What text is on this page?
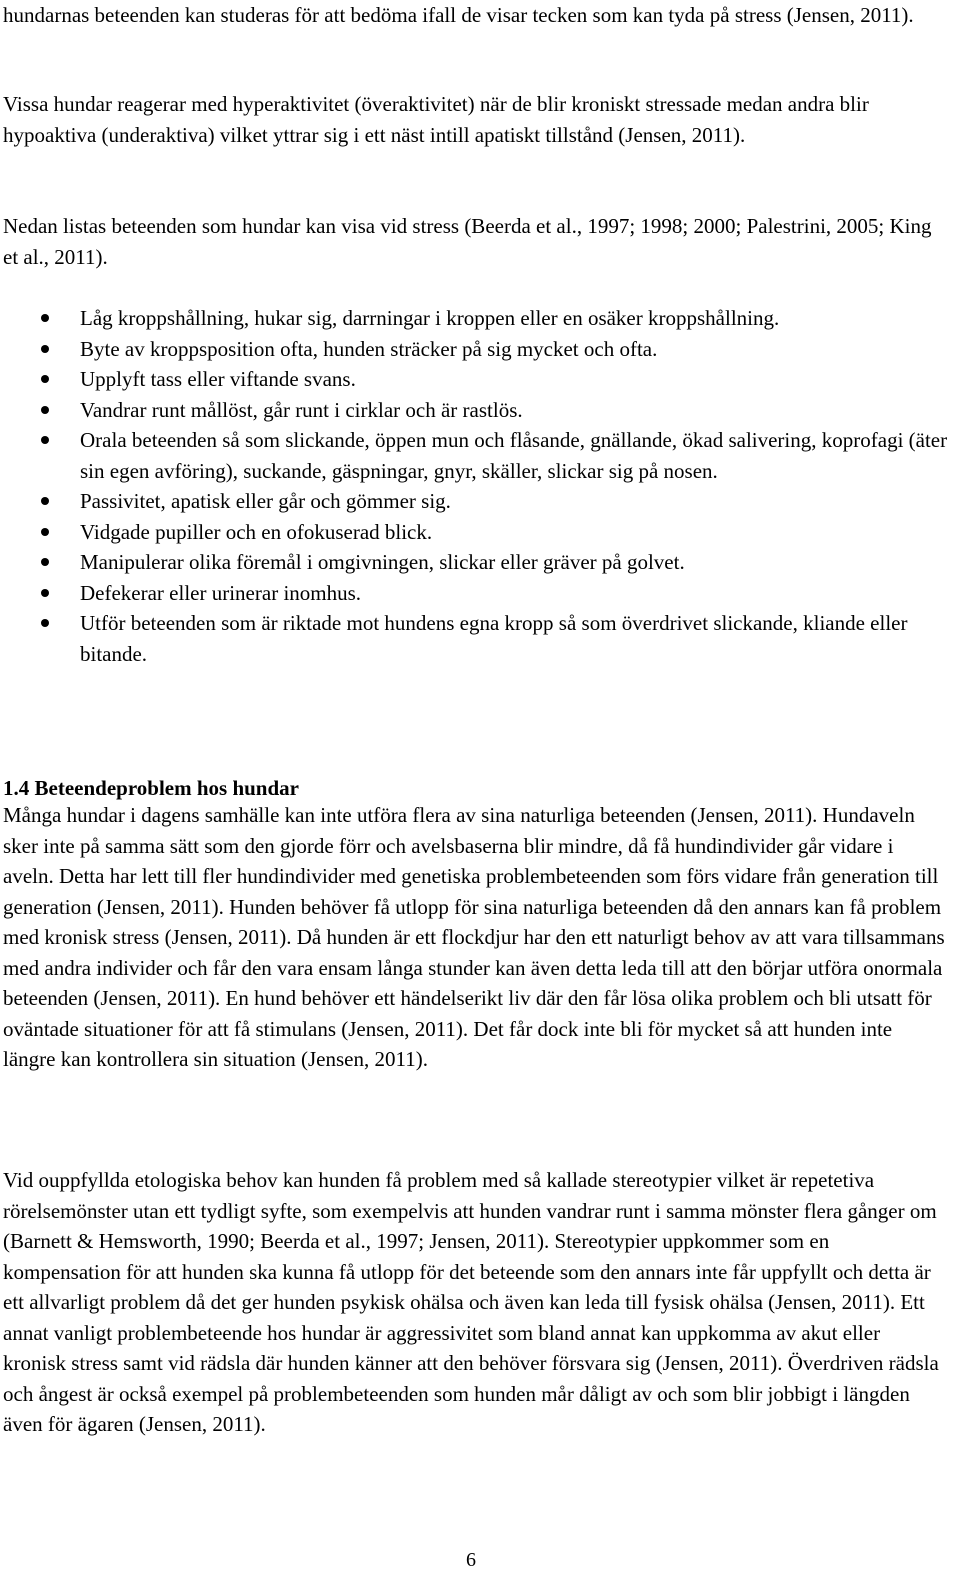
hundarnas beteenden kan studeras för att bedöma ifall de visar tecken som kan tyda på stress (Jensen, 2011).

Vissa hundar reagerar med hyperaktivitet (överaktivitet) när de blir kroniskt stressade medan andra blir hypoaktiva (underaktiva) vilket yttrar sig i ett näst intill apatiskt tillstånd (Jensen, 2011).

Nedan listas beteenden som hundar kan visa vid stress (Beerda et al., 1997; 1998; 2000; Palestrini, 2005; King et al., 2011).

Låg kroppshållning, hukar sig, darrningar i kroppen eller en osäker kroppshållning.
Byte av kroppsposition ofta, hunden sträcker på sig mycket och ofta.
Upplyft tass eller viftande svans.
Vandrar runt mållöst, går runt i cirklar och är rastlös.
Orala beteenden så som slickande, öppen mun och flåsande, gnällande, ökad salivering, koprofagi (äter sin egen avföring), suckande, gäspningar, gnyr, skäller, slickar sig på nosen.
Passivitet, apatisk eller går och gömmer sig.
Vidgade pupiller och en ofokuserad blick.
Manipulerar olika föremål i omgivningen, slickar eller gräver på golvet.
Defekerar eller urinerar inomhus.
Utför beteenden som är riktade mot hundens egna kropp så som överdrivet slickande, kliande eller bitande.
1.4 Beteendeproblem hos hundar

Många hundar i dagens samhälle kan inte utföra flera av sina naturliga beteenden (Jensen, 2011). Hundaveln sker inte på samma sätt som den gjorde förr och avelsbaserna blir mindre, då få hundindivider går vidare i aveln. Detta har lett till fler hundindivider med genetiska problembeteenden som förs vidare från generation till generation (Jensen, 2011). Hunden behöver få utlopp för sina naturliga beteenden då den annars kan få problem med kronisk stress (Jensen, 2011). Då hunden är ett flockdjur har den ett naturligt behov av att vara tillsammans med andra individer och får den vara ensam långa stunder kan även detta leda till att den börjar utföra onormala beteenden (Jensen, 2011). En hund behöver ett händelserikt liv där den får lösa olika problem och bli utsatt för oväntade situationer för att få stimulans (Jensen, 2011). Det får dock inte bli för mycket så att hunden inte längre kan kontrollera sin situation (Jensen, 2011).

Vid ouppfyllda etologiska behov kan hunden få problem med så kallade stereotypier vilket är repetetiva rörelsemönster utan ett tydligt syfte, som exempelvis att hunden vandrar runt i samma mönster flera gånger om (Barnett & Hemsworth, 1990; Beerda et al., 1997; Jensen, 2011). Stereotypier uppkommer som en kompensation för att hunden ska kunna få utlopp för det beteende som den annars inte får uppfyllt och detta är ett allvarligt problem då det ger hunden psykisk ohälsa och även kan leda till fysisk ohälsa (Jensen, 2011). Ett annat vanligt problembeteende hos hundar är aggressivitet som bland annat kan uppkomma av akut eller kronisk stress samt vid rädsla där hunden känner att den behöver försvara sig (Jensen, 2011). Överdriven rädsla och ångest är också exempel på problembeteenden som hunden mår dåligt av och som blir jobbigt i längden även för ägaren (Jensen, 2011).

6
